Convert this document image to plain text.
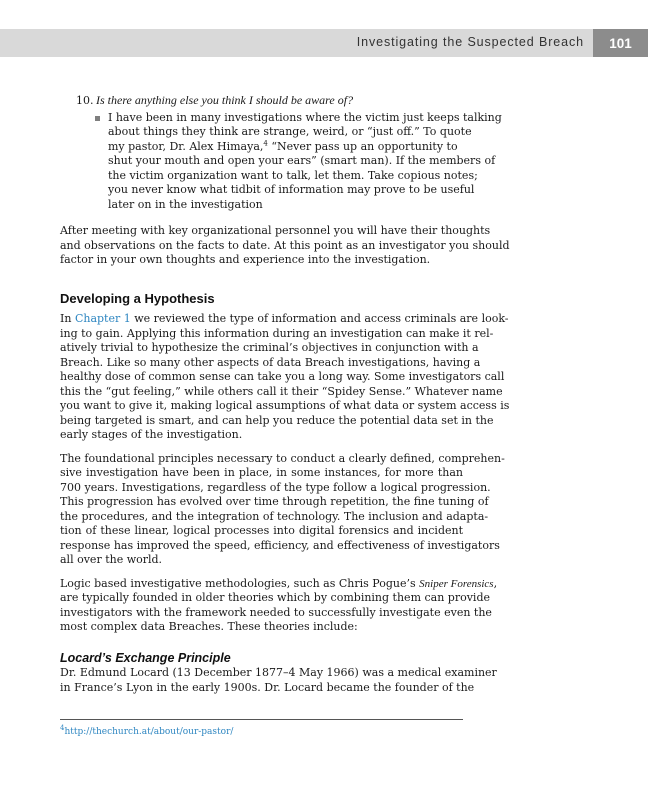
Investigating the Suspected Breach	101
10. Is there anything else you think I should be aware of?
I have been in many investigations where the victim just keeps talking
about things they think are strange, weird, or “just off.” To quote
my pastor, Dr. Alex Himaya,$^4$ “Never pass up an opportunity to
shut your mouth and open your ears” (smart man). If the members of
the victim organization want to talk, let them. Take copious notes;
you never know what tidbit of information may prove to be useful
later on in the investigation
After meeting with key organizational personnel you will have their thoughts
and observations on the facts to date. At this point as an investigator you should
factor in your own thoughts and experience into the investigation.
Developing a Hypothesis
In Chapter 1 we reviewed the type of information and access criminals are look-
ing to gain. Applying this information during an investigation can make it rel-
atively trivial to hypothesize the criminal’s objectives in conjunction with a
Breach. Like so many other aspects of data Breach investigations, having a
healthy dose of common sense can take you a long way. Some investigators call
this the “gut feeling,” while others call it their “Spidey Sense.” Whatever name
you want to give it, making logical assumptions of what data or system access is
being targeted is smart, and can help you reduce the potential data set in the
early stages of the investigation.
The foundational principles necessary to conduct a clearly defined, comprehen-
sive investigation have been in place, in some instances, for more than
700 years. Investigations, regardless of the type follow a logical progression.
This progression has evolved over time through repetition, the fine tuning of
the procedures, and the integration of technology. The inclusion and adapta-
tion of these linear, logical processes into digital forensics and incident
response has improved the speed, efficiency, and effectiveness of investigators
all over the world.
Logic based investigative methodologies, such as Chris Pogue’s Sniper Forensics,
are typically founded in older theories which by combining them can provide
investigators with the framework needed to successfully investigate even the
most complex data Breaches. These theories include:
Locard’s Exchange Principle
Dr. Edmund Locard (13 December 1877–4 May 1966) was a medical examiner
in France’s Lyon in the early 1900s. Dr. Locard became the founder of the
$^4$http://thechurch.at/about/our-pastor/
